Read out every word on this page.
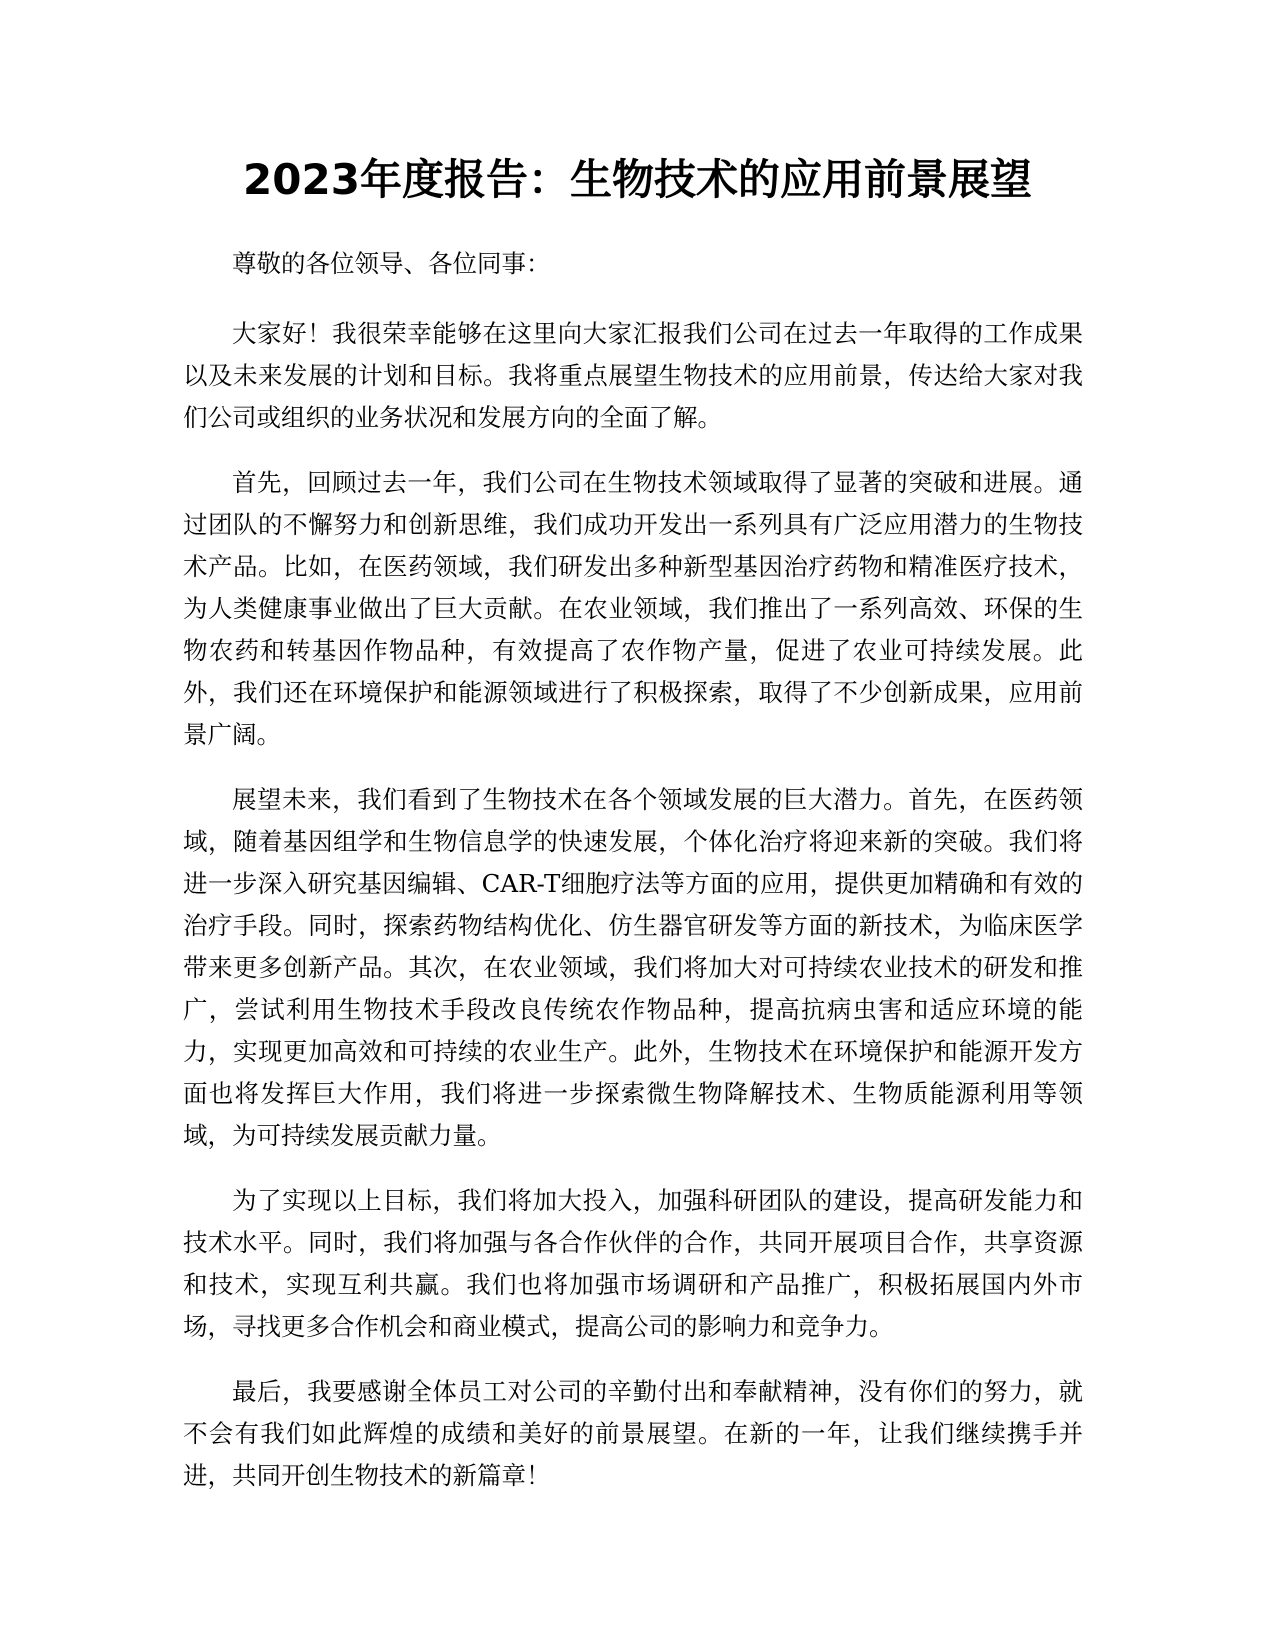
2023年度报告：生物技术的应用前景展望

尊敬的各位领导、各位同事：

大家好！我很荣幸能够在这里向大家汇报我们公司在过去一年取得的工作成果以及未来发展的计划和目标。我将重点展望生物技术的应用前景，传达给大家对我们公司或组织的业务状况和发展方向的全面了解。

首先，回顾过去一年，我们公司在生物技术领域取得了显著的突破和进展。通过团队的不懈努力和创新思维，我们成功开发出一系列具有广泛应用潜力的生物技术产品。比如，在医药领域，我们研发出多种新型基因治疗药物和精准医疗技术，为人类健康事业做出了巨大贡献。在农业领域，我们推出了一系列高效、环保的生物农药和转基因作物品种，有效提高了农作物产量，促进了农业可持续发展。此外，我们还在环境保护和能源领域进行了积极探索，取得了不少创新成果，应用前景广阔。

展望未来，我们看到了生物技术在各个领域发展的巨大潜力。首先，在医药领域，随着基因组学和生物信息学的快速发展，个体化治疗将迎来新的突破。我们将进一步深入研究基因编辑、CAR-T细胞疗法等方面的应用，提供更加精确和有效的治疗手段。同时，探索药物结构优化、仿生器官研发等方面的新技术，为临床医学带来更多创新产品。其次，在农业领域，我们将加大对可持续农业技术的研发和推广，尝试利用生物技术手段改良传统农作物品种，提高抗病虫害和适应环境的能力，实现更加高效和可持续的农业生产。此外，生物技术在环境保护和能源开发方面也将发挥巨大作用，我们将进一步探索微生物降解技术、生物质能源利用等领域，为可持续发展贡献力量。

为了实现以上目标，我们将加大投入，加强科研团队的建设，提高研发能力和技术水平。同时，我们将加强与各合作伙伴的合作，共同开展项目合作，共享资源和技术，实现互利共赢。我们也将加强市场调研和产品推广，积极拓展国内外市场，寻找更多合作机会和商业模式，提高公司的影响力和竞争力。

最后，我要感谢全体员工对公司的辛勤付出和奉献精神，没有你们的努力，就不会有我们如此辉煌的成绩和美好的前景展望。在新的一年，让我们继续携手并进，共同开创生物技术的新篇章！
